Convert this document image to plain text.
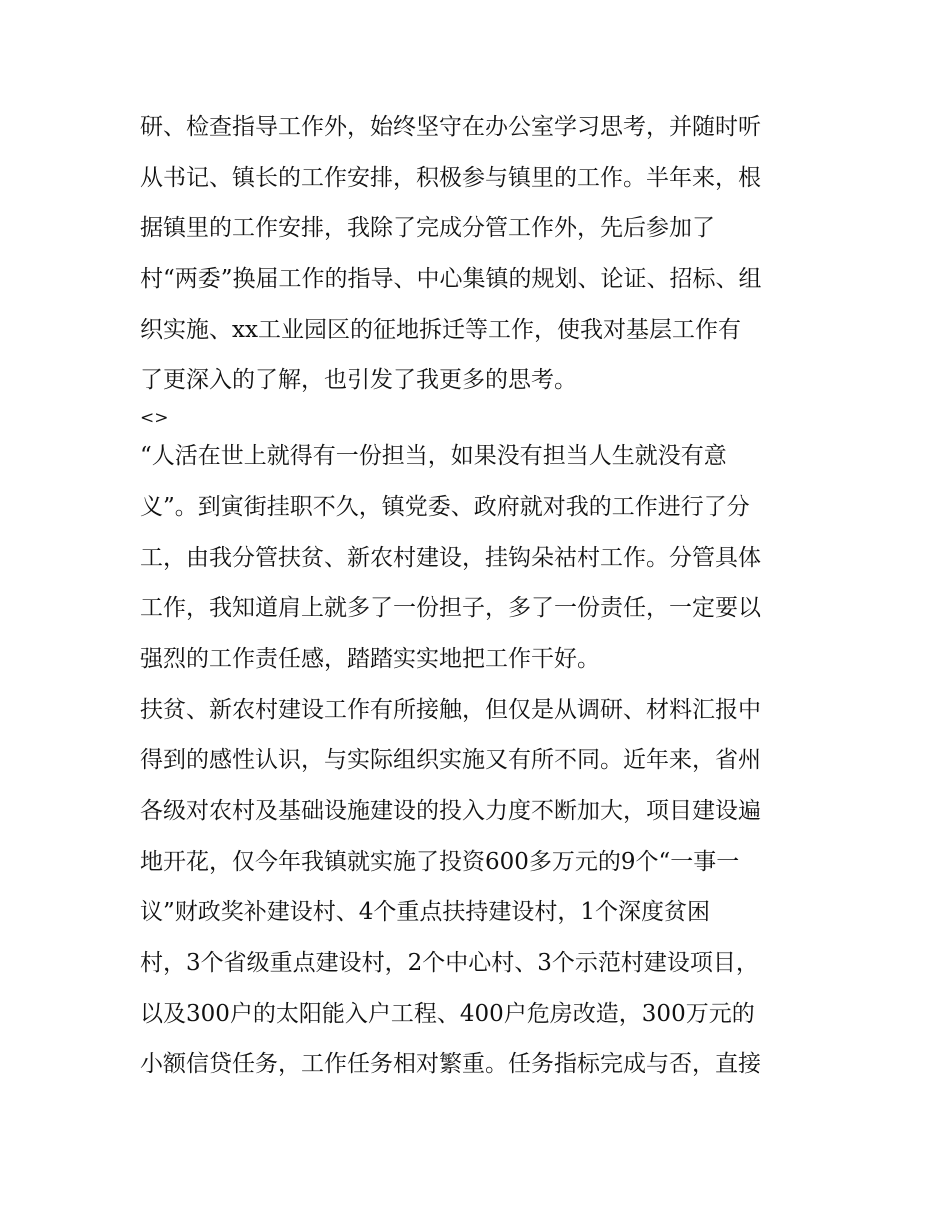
研、检查指导工作外，始终坚守在办公室学习思考，并随时听
从书记、镇长的工作安排，积极参与镇里的工作。半年来，根
据镇里的工作安排，我除了完成分管工作外，先后参加了
村“两委”换届工作的指导、中心集镇的规划、论证、招标、组
织实施、xx工业园区的征地拆迁等工作，使我对基层工作有
了更深入的了解，也引发了我更多的思考。
<>
“人活在世上就得有一份担当，如果没有担当人生就没有意
义”。到寅街挂职不久，镇党委、政府就对我的工作进行了分
工，由我分管扶贫、新农村建设，挂钩朵祜村工作。分管具体
工作，我知道肩上就多了一份担子，多了一份责任，一定要以
强烈的工作责任感，踏踏实实地把工作干好。
扶贫、新农村建设工作有所接触，但仅是从调研、材料汇报中
得到的感性认识，与实际组织实施又有所不同。近年来，省州
各级对农村及基础设施建设的投入力度不断加大，项目建设遍
地开花，仅今年我镇就实施了投资600多万元的9个“一事一
议”财政奖补建设村、4个重点扶持建设村，1个深度贫困
村，3个省级重点建设村，2个中心村、3个示范村建设项目，
以及300户的太阳能入户工程、400户危房改造，300万元的
小额信贷任务，工作任务相对繁重。任务指标完成与否，直接
